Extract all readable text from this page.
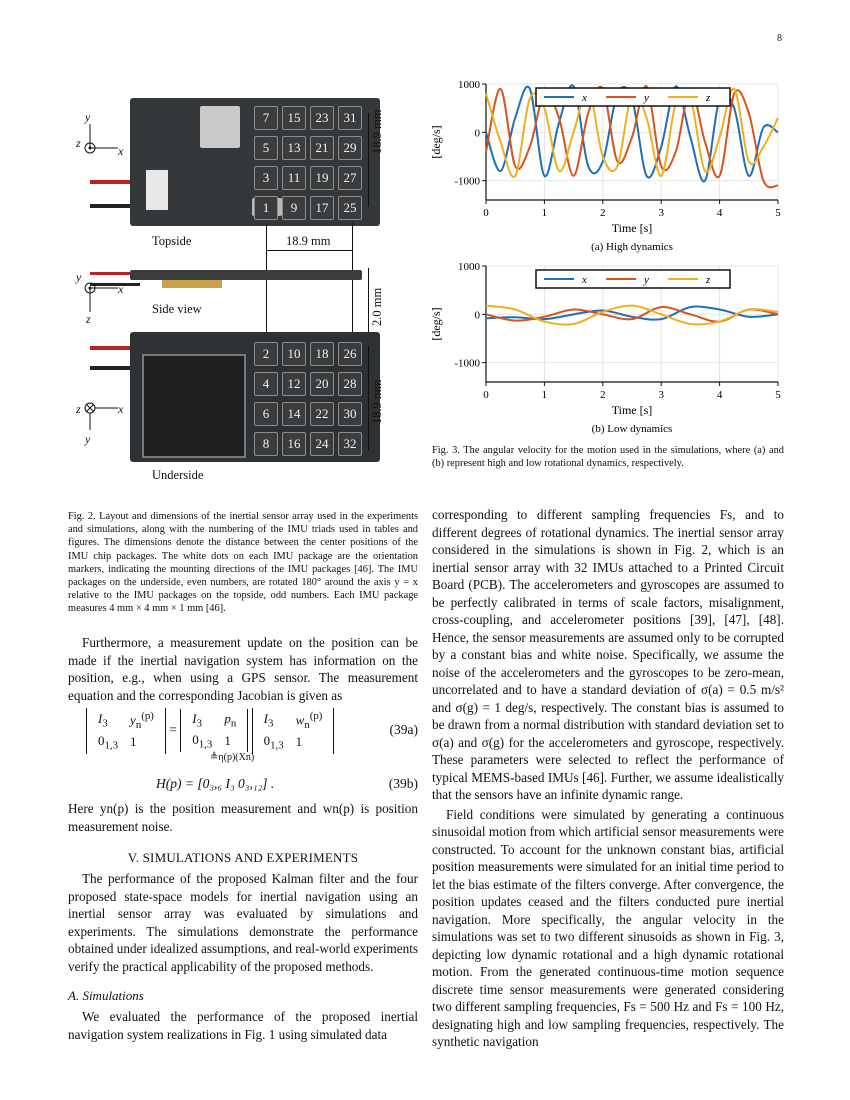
8
7	15	23	31
5	13	21	29
3	11	19	27
1	9	17	25
Topside
y
z
x
18.9 mm
18.9 mm
Side view
y
x
z	2.0 mm
2	10	18	26
4	12	20	28
6	14	22	30
8	16	24	32
Underside
z	x
y
18.9 mm
0	1	2	3	4	5
1000
0
-1000
Time [s]
[deg/s]
(a) High dynamics
x	y	z
0	1	2	3	4	5
1000
0
-1000
Time [s]
[deg/s]
(b) Low dynamics
x	y	z
Fig. 3. The angular velocity for the motion used in the simulations, where (a) and (b) represent high and low rotational dynamics, respectively.
Fig. 2. Layout and dimensions of the inertial sensor array used in the experiments and simulations, along with the numbering of the IMU triads used in tables and figures. The dimensions denote the distance between the center positions of the IMU chip packages. The white dots on each IMU package are the orientation markers, indicating the mounting directions of the IMU packages [46]. The IMU packages on the underside, even numbers, are rotated 180° around the axis y = x relative to the IMU packages on the topside, odd numbers. Each IMU package measures 4 mm × 4 mm × 1 mm [46].

Furthermore, a measurement update on the position can be made if the inertial navigation system has information on the position, e.g., when using a GPS sensor. The measurement equation and the corresponding Jacobian is given as

$I_3$	$y_n^{(p)}$
$0_{1,3}$	1
=
$I_3$	$p_n$
$0_{1,3}$	1

$I_3$	$w_n^{(p)}$
$0_{1,3}$	1
(39a)
≜η(p)(Xn)
H(p) = [0₃,₆ I₃ 0₃,₁₂] .	(39b)

Here yn(p) is the position measurement and wn(p) is position measurement noise.

V. SIMULATIONS AND EXPERIMENTS

The performance of the proposed Kalman filter and the four proposed state-space models for inertial navigation using an inertial sensor array was evaluated by simulations and experiments. The simulations demonstrate the performance obtained under idealized assumptions, and real-world experiments verify the practical applicability of the proposed methods.

A. Simulations

We evaluated the performance of the proposed inertial navigation system realizations in Fig. 1 using simulated data

corresponding to different sampling frequencies Fs, and to different degrees of rotational dynamics. The inertial sensor array considered in the simulations is shown in Fig. 2, which is an inertial sensor array with 32 IMUs attached to a Printed Circuit Board (PCB). The accelerometers and gyroscopes are assumed to be perfectly calibrated in terms of scale factors, misalignment, cross-coupling, and accelerometer positions [39], [47], [48]. Hence, the sensor measurements are assumed only to be corrupted by a constant bias and white noise. Specifically, we assume the noise of the accelerometers and the gyroscopes to be zero-mean, uncorrelated and to have a standard deviation of σ(a) = 0.5 m/s² and σ(g) = 1 deg/s, respectively. The constant bias is assumed to be drawn from a normal distribution with standard deviation set to σ(a) and σ(g) for the accelerometers and gyroscope, respectively. These parameters were selected to reflect the performance of typical MEMS-based IMUs [46]. Further, we assume idealistically that the sensors have an infinite dynamic range.

Field conditions were simulated by generating a continuous sinusoidal motion from which artificial sensor measurements were constructed. To account for the unknown constant bias, artificial position measurements were simulated for an initial time period to let the bias estimate of the filters converge. After convergence, the position updates ceased and the filters conducted pure inertial navigation. More specifically, the angular velocity in the simulations was set to two different sinusoids as shown in Fig. 3, depicting low dynamic rotational and a high dynamic rotational motion. From the generated continuous-time motion sequence discrete time sensor measurements were generated considering two different sampling frequencies, Fs = 500 Hz and Fs = 100 Hz, designating high and low sampling frequencies, respectively. The synthetic navigation
